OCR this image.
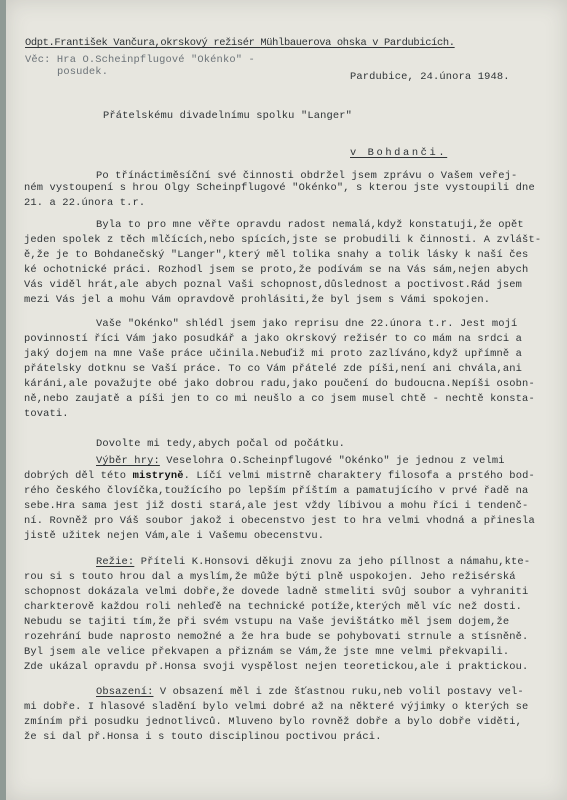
Odpt.František Vančura,okrskový režisér Mühlbauerova ohska v Pardubicích.
Věc: Hra O.Scheinpflugové "Okénko" -
posudek.	Pardubice, 24.února 1948.
Přátelskému divadelnímu spolku "Langer"
v Bohdanči.
Po třínáctiměsíční své činnosti obdržel jsem zprávu o Vašem veřej-
ném vystoupení s hrou Olgy Scheinpflugové "Okénko", s kterou jste vystoupili dne
21. a 22.února t.r.
Byla to pro mne věřte opravdu radost nemalá,když konstatuji,že opět
jeden spolek z těch mlčících,nebo spících,jste se probudili k činnosti. A zvlášt-
ě,že je to Bohdanečský "Langer",který měl tolika snahy a tolik lásky k naší čes
ké ochotnické práci. Rozhodl jsem se proto,že podívám se na Vás sám,nejen abych
Vás viděl hrát,ale abych poznal Vaši schopnost,důslednost a poctivost.Rád jsem
mezi Vás jel a mohu Vám opravdově prohlásiti,že byl jsem s Vámi spokojen.
Vaše "Okénko" shlédl jsem jako reprisu dne 22.února t.r. Jest mojí
povinností říci Vám jako posudkář a jako okrskový režisér to co mám na srdci a
jaký dojem na mne Vaše práce učinila.Nebuďiž mi proto zazlíváno,když upřímně a
přátelsky dotknu se Vaší práce. To co Vám přátelé zde píši,není ani chvála,ani
káráni,ale považujte obé jako dobrou radu,jako poučení do budoucna.Nepíši osobn-
ně,nebo zaujatě a píši jen to co mi neušlo a co jsem musel chtě - nechtě konsta-
tovati.
Dovolte mi tedy,abych počal od počátku.
Výběr hry: Veselohra O.Scheinpflugové "Okénko" je jednou z velmi
dobrých děl této mistryně. Líčí velmi mistrně charaktery filosofa a prstého bod-
rého českého človíčka,toužícího po lepším příštím a pamatujícího v prvé řadě na
sebe.Hra sama jest již dosti stará,ale jest vždy líbivou a mohu říci i tendenč-
ní. Rovněž pro Váš soubor jakož i obecenstvo jest to hra velmi vhodná a přinesla
jistě užitek nejen Vám,ale i Vašemu obecenstvu.
Režie: Příteli K.Honsovi děkuji znovu za jeho píllnost a námahu,kte-
rou si s touto hrou dal a myslím,že může býti plně uspokojen. Jeho režisérská
schopnost dokázala velmi dobře,že dovede ladně stmeliti svůj soubor a vyhraniti
charkterově každou roli nehleďě na technické potíže,kterých měl víc než dosti.
Nebudu se tajiti tím,že při svém vstupu na Vaše jevištátko měl jsem dojem,že
rozehrání bude naprosto nemožné a že hra bude se pohybovati strnule a stísněně.
Byl jsem ale velice překvapen a přiznám se Vám,že jste mne velmi překvapili.
Zde ukázal opravdu př.Honsa svoji vyspělost nejen teoretickou,ale i praktickou.
Obsazení: V obsazení měl i zde šťastnou ruku,neb volil postavy vel-
mi dobře. I hlasové sladění bylo velmi dobré až na některé výjimky o kterých se
zmíním při posudku jednotlivců. Mluveno bylo rovněž dobře a bylo dobře viděti,
že si dal př.Honsa i s touto disciplinou poctivou práci.
